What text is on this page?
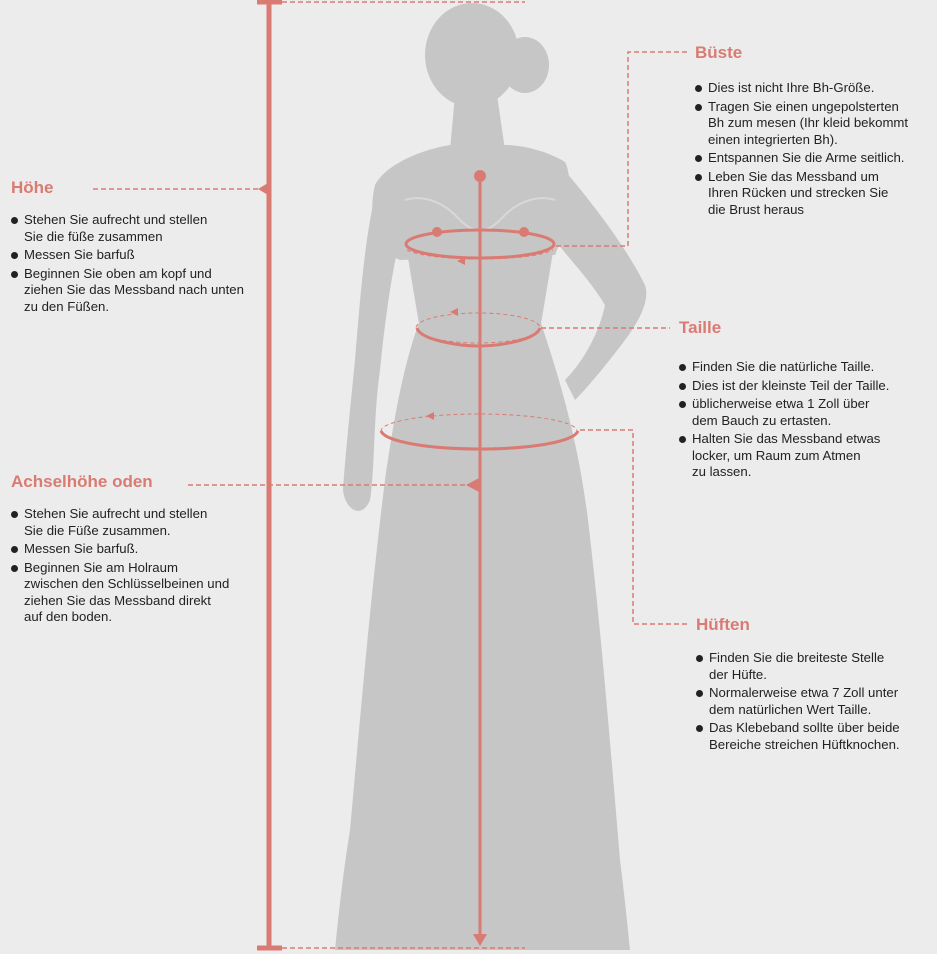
Höhe
Stehen Sie aufrecht und stellen
Sie die füße zusammen
Messen Sie barfuß
Beginnen Sie oben am kopf und
ziehen Sie das Messband nach unten
zu den Füßen.
Achselhöhe oden
Stehen Sie aufrecht und stellen
Sie die Füße zusammen.
Messen Sie barfuß.
Beginnen Sie am Holraum
zwischen den Schlüsselbeinen und
ziehen Sie das Messband direkt
auf den boden.
Büste
Dies ist nicht Ihre Bh-Größe.
Tragen Sie einen ungepolsterten
Bh zum mesen (Ihr kleid bekommt
einen integrierten Bh).
Entspannen Sie die Arme seitlich.
Leben Sie das Messband um
Ihren Rücken und strecken Sie
die Brust heraus
Taille
Finden Sie die natürliche Taille.
Dies ist der kleinste Teil der Taille.
üblicherweise etwa 1 Zoll über
dem Bauch zu ertasten.
Halten Sie das Messband etwas
locker, um Raum zum Atmen
zu lassen.
Hüften
Finden Sie die breiteste Stelle
der Hüfte.
Normalerweise etwa 7 Zoll unter
dem natürlichen Wert Taille.
Das Klebeband sollte über beide
Bereiche streichen Hüftknochen.
